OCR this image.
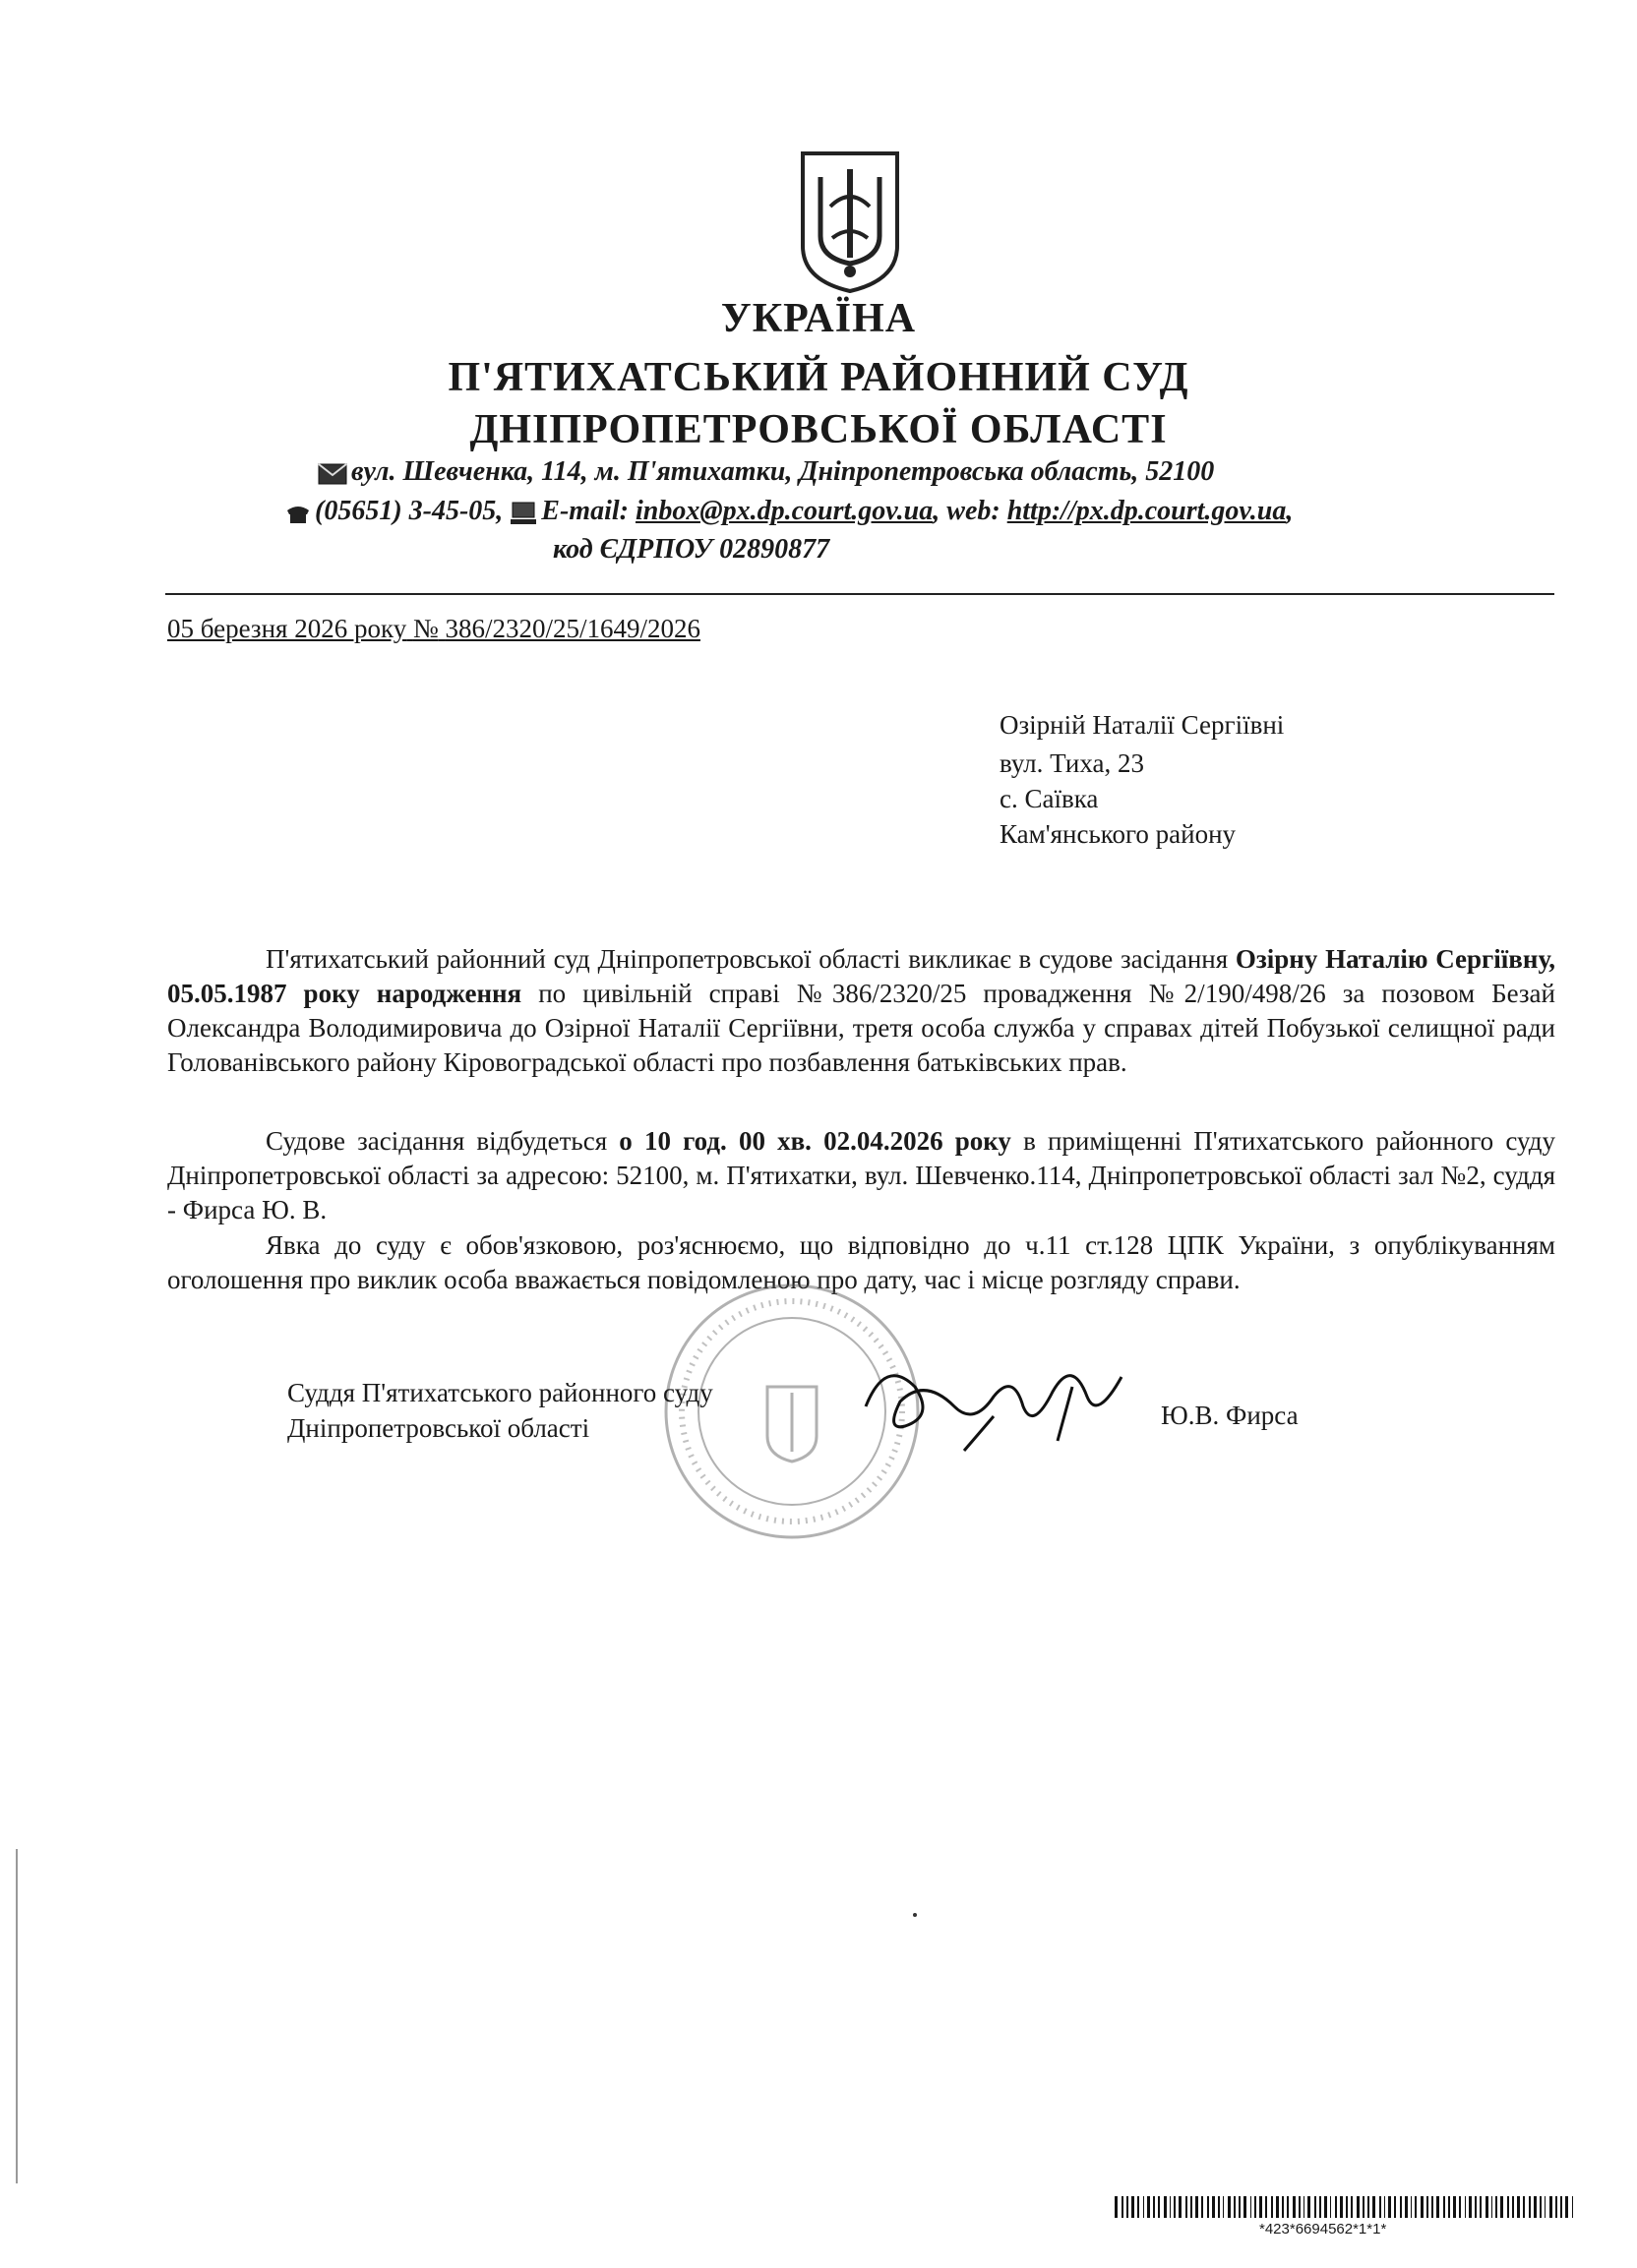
УКРАЇНА
П'ЯТИХАТСЬКИЙ РАЙОННИЙ СУД
ДНІПРОПЕТРОВСЬКОЇ ОБЛАСТІ
вул. Шевченка, 114, м. П'ятихатки, Дніпропетровська область, 52100
(05651) 3-45-05, E-mail: inbox@px.dp.court.gov.ua, web: http://px.dp.court.gov.ua,
код ЄДРПОУ 02890877
05 березня 2026 року № 386/2320/25/1649/2026
Озірній Наталії Сергіївні
вул. Тиха, 23
с. Саївка
Кам'янського району
П'ятихатський районний суд Дніпропетровської області викликає в судове засідання Озірну Наталію Сергіївну, 05.05.1987 року народження по цивільній справі №386/2320/25 провадження №2/190/498/26 за позовом Безай Олександра Володимировича до Озірної Наталії Сергіївни, третя особа служба у справах дітей Побузької селищної ради Голованівського району Кіровоградської області про позбавлення батьківських прав.
Судове засідання відбудеться о 10 год. 00 хв. 02.04.2026 року в приміщенні П'ятихатського районного суду Дніпропетровської області за адресою: 52100, м. П'ятихатки, вул. Шевченко.114, Дніпропетровської області зал №2, суддя - Фирса Ю. В.
Явка до суду є обов'язковою, роз'яснюємо, що відповідно до ч.11 ст.128 ЦПК України, з опублікуванням оголошення про виклик особа вважається повідомленою про дату, час і місце розгляду справи.
Суддя П'ятихатського районного суду
Дніпропетровської області	Ю.В. Фирса
*423*6694562*1*1*
